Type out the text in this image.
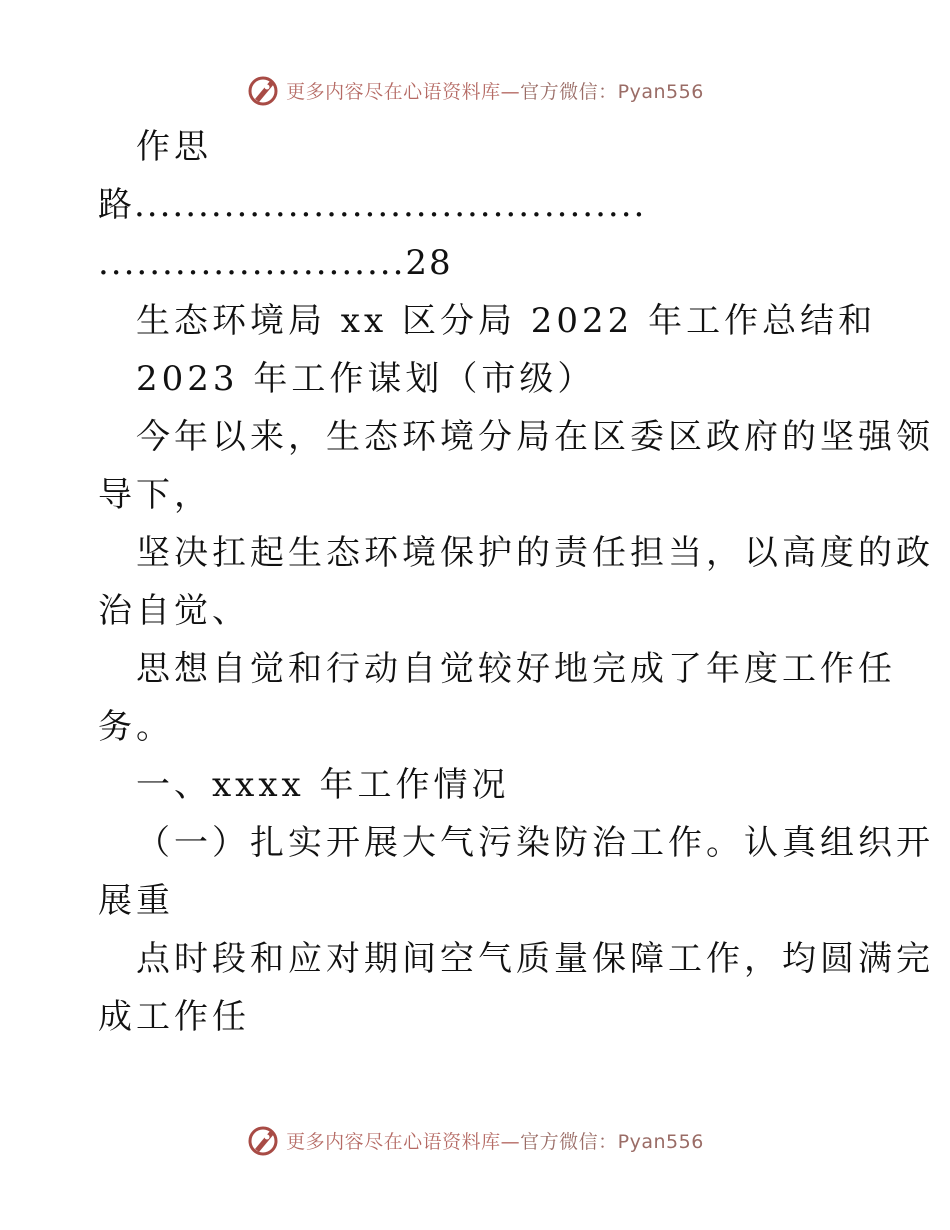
更多内容尽在心语资料库—官方微信：Pyan556
作思
路........................................
........................28
生态环境局 xx 区分局 2022 年工作总结和
2023 年工作谋划（市级）
今年以来，生态环境分局在区委区政府的坚强领
导下，
坚决扛起生态环境保护的责任担当，以高度的政
治自觉、
思想自觉和行动自觉较好地完成了年度工作任
务。
一、xxxx 年工作情况
（一）扎实开展大气污染防治工作。认真组织开
展重
点时段和应对期间空气质量保障工作，均圆满完
成工作任
更多内容尽在心语资料库—官方微信：Pyan556
